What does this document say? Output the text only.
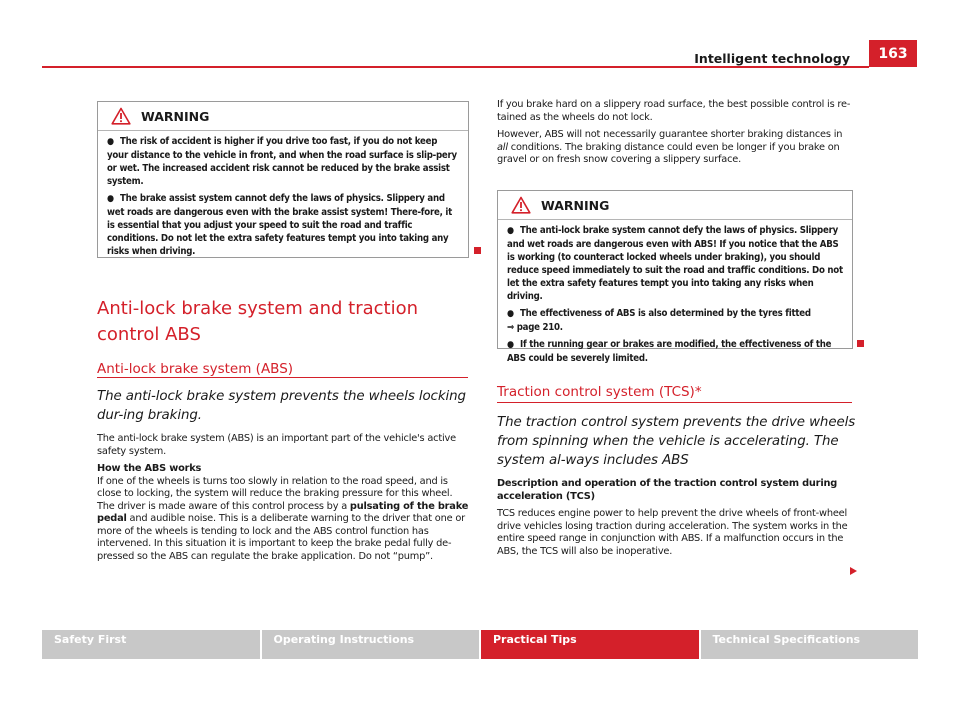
Intelligent technology	163
WARNING

● The risk of accident is higher if you drive too fast, if you do not keep your distance to the vehicle in front, and when the road surface is slip-pery or wet. The increased accident risk cannot be reduced by the brake assist system.

● The brake assist system cannot defy the laws of physics. Slippery and wet roads are dangerous even with the brake assist system! There-fore, it is essential that you adjust your speed to suit the road and traffic conditions. Do not let the extra safety features tempt you into taking any risks when driving.

Anti-lock brake system and traction control ABS
Anti-lock brake system (ABS)
The anti-lock brake system prevents the wheels locking dur-ing braking.

The anti-lock brake system (ABS) is an important part of the vehicle's active safety system.

How the ABS works

If one of the wheels is turns too slowly in relation to the road speed, and is close to locking, the system will reduce the braking pressure for this wheel. The driver is made aware of this control process by a pulsating of the brake pedal and audible noise. This is a deliberate warning to the driver that one or more of the wheels is tending to lock and the ABS control function has intervened. In this situation it is important to keep the brake pedal fully de-pressed so the ABS can regulate the brake application. Do not “pump”.

If you brake hard on a slippery road surface, the best possible control is re-tained as the wheels do not lock.

However, ABS will not necessarily guarantee shorter braking distances in all conditions. The braking distance could even be longer if you brake on gravel or on fresh snow covering a slippery surface.

WARNING

● The anti-lock brake system cannot defy the laws of physics. Slippery and wet roads are dangerous even with ABS! If you notice that the ABS is working (to counteract locked wheels under braking), you should reduce speed immediately to suit the road and traffic conditions. Do not let the extra safety features tempt you into taking any risks when driving.

● The effectiveness of ABS is also determined by the tyres fitted
⇒ page 210.

● If the running gear or brakes are modified, the effectiveness of the ABS could be severely limited.

Traction control system (TCS)*
The traction control system prevents the drive wheels from spinning when the vehicle is accelerating. The system al-ways includes ABS
Description and operation of the traction control system during acceleration (TCS)

TCS reduces engine power to help prevent the drive wheels of front-wheel drive vehicles losing traction during acceleration. The system works in the entire speed range in conjunction with ABS. If a malfunction occurs in the ABS, the TCS will also be inoperative.

Safety First	Operating Instructions	Practical Tips	Technical Specifications
